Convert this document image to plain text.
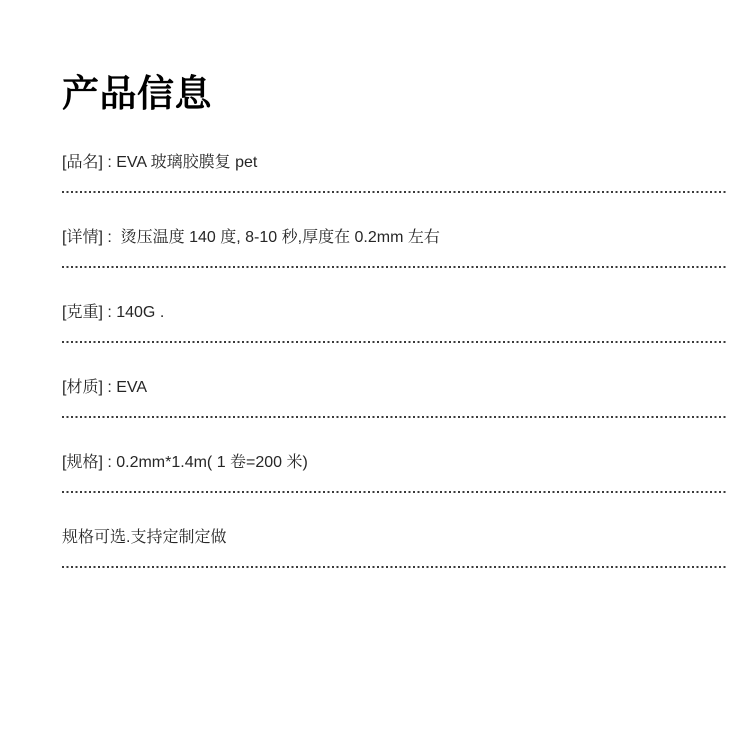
产品信息
[品名] : EVA 玻璃胶膜复 pet
[详情] :  烫压温度 140 度, 8-10 秒,厚度在 0.2mm 左右
[克重] : 140G .
[材质] : EVA
[规格] : 0.2mm*1.4m( 1 卷=200 米)
规格可选.支持定制定做
